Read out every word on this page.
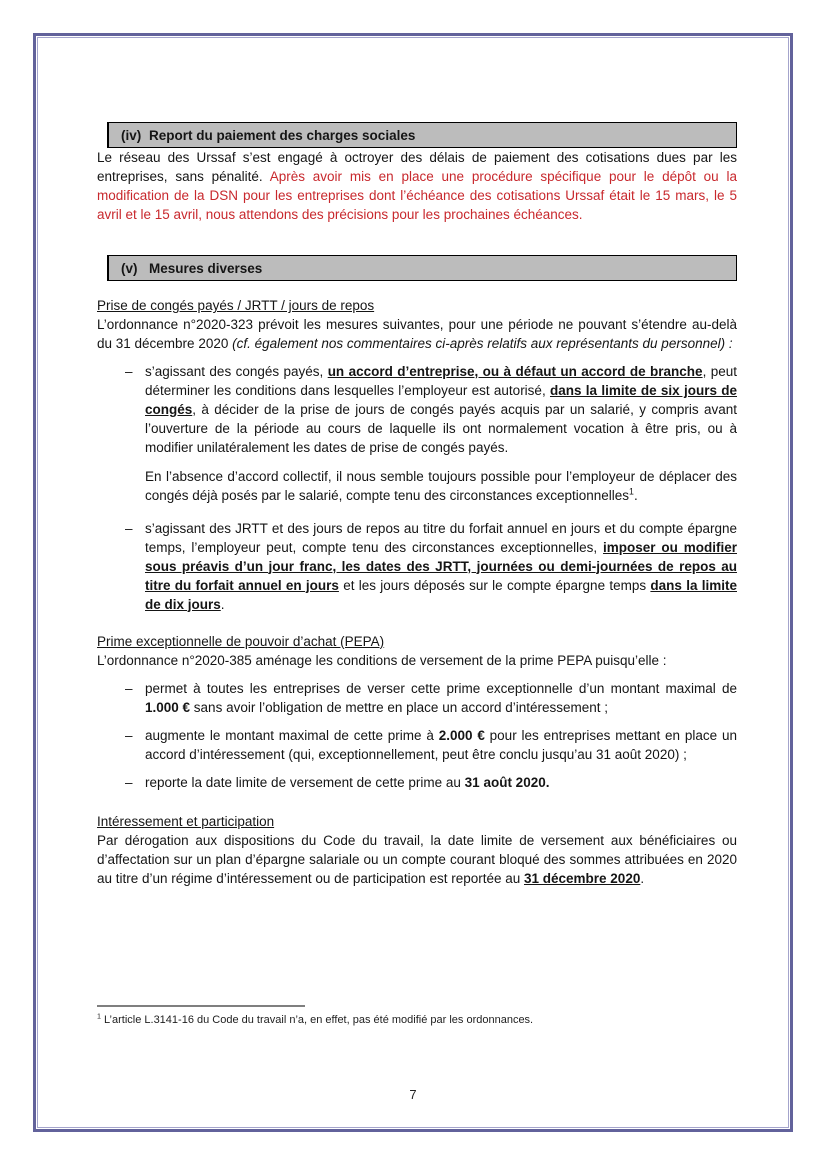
(iv) Report du paiement des charges sociales

Le réseau des Urssaf s’est engagé à octroyer des délais de paiement des cotisations dues par les entreprises, sans pénalité. Après avoir mis en place une procédure spécifique pour le dépôt ou la modification de la DSN pour les entreprises dont l’échéance des cotisations Urssaf était le 15 mars, le 5 avril et le 15 avril, nous attendons des précisions pour les prochaines échéances.

(v) Mesures diverses

Prise de congés payés / JRTT / jours de repos

L’ordonnance n°2020-323 prévoit les mesures suivantes, pour une période ne pouvant s’étendre au-delà du 31 décembre 2020 (cf. également nos commentaires ci-après relatifs aux représentants du personnel) :

– s’agissant des congés payés, un accord d’entreprise, ou à défaut un accord de branche, peut déterminer les conditions dans lesquelles l’employeur est autorisé, dans la limite de six jours de congés, à décider de la prise de jours de congés payés acquis par un salarié, y compris avant l’ouverture de la période au cours de laquelle ils ont normalement vocation à être pris, ou à modifier unilatéralement les dates de prise de congés payés.

En l’absence d’accord collectif, il nous semble toujours possible pour l’employeur de déplacer des congés déjà posés par le salarié, compte tenu des circonstances exceptionnelles$^1$.

– s’agissant des JRTT et des jours de repos au titre du forfait annuel en jours et du compte épargne temps, l’employeur peut, compte tenu des circonstances exceptionnelles, imposer ou modifier sous préavis d’un jour franc, les dates des JRTT, journées ou demi-journées de repos au titre du forfait annuel en jours et les jours déposés sur le compte épargne temps dans la limite de dix jours.

Prime exceptionnelle de pouvoir d’achat (PEPA)

L’ordonnance n°2020-385 aménage les conditions de versement de la prime PEPA puisqu’elle :

– permet à toutes les entreprises de verser cette prime exceptionnelle d’un montant maximal de 1.000 € sans avoir l’obligation de mettre en place un accord d’intéressement ;
– augmente le montant maximal de cette prime à 2.000 € pour les entreprises mettant en place un accord d’intéressement (qui, exceptionnellement, peut être conclu jusqu’au 31 août 2020) ;
– reporte la date limite de versement de cette prime au 31 août 2020.

Intéressement et participation

Par dérogation aux dispositions du Code du travail, la date limite de versement aux bénéficiaires ou d’affectation sur un plan d’épargne salariale ou un compte courant bloqué des sommes attribuées en 2020 au titre d’un régime d’intéressement ou de participation est reportée au 31 décembre 2020.

$^1$ L’article L.3141-16 du Code du travail n’a, en effet, pas été modifié par les ordonnances.

7
